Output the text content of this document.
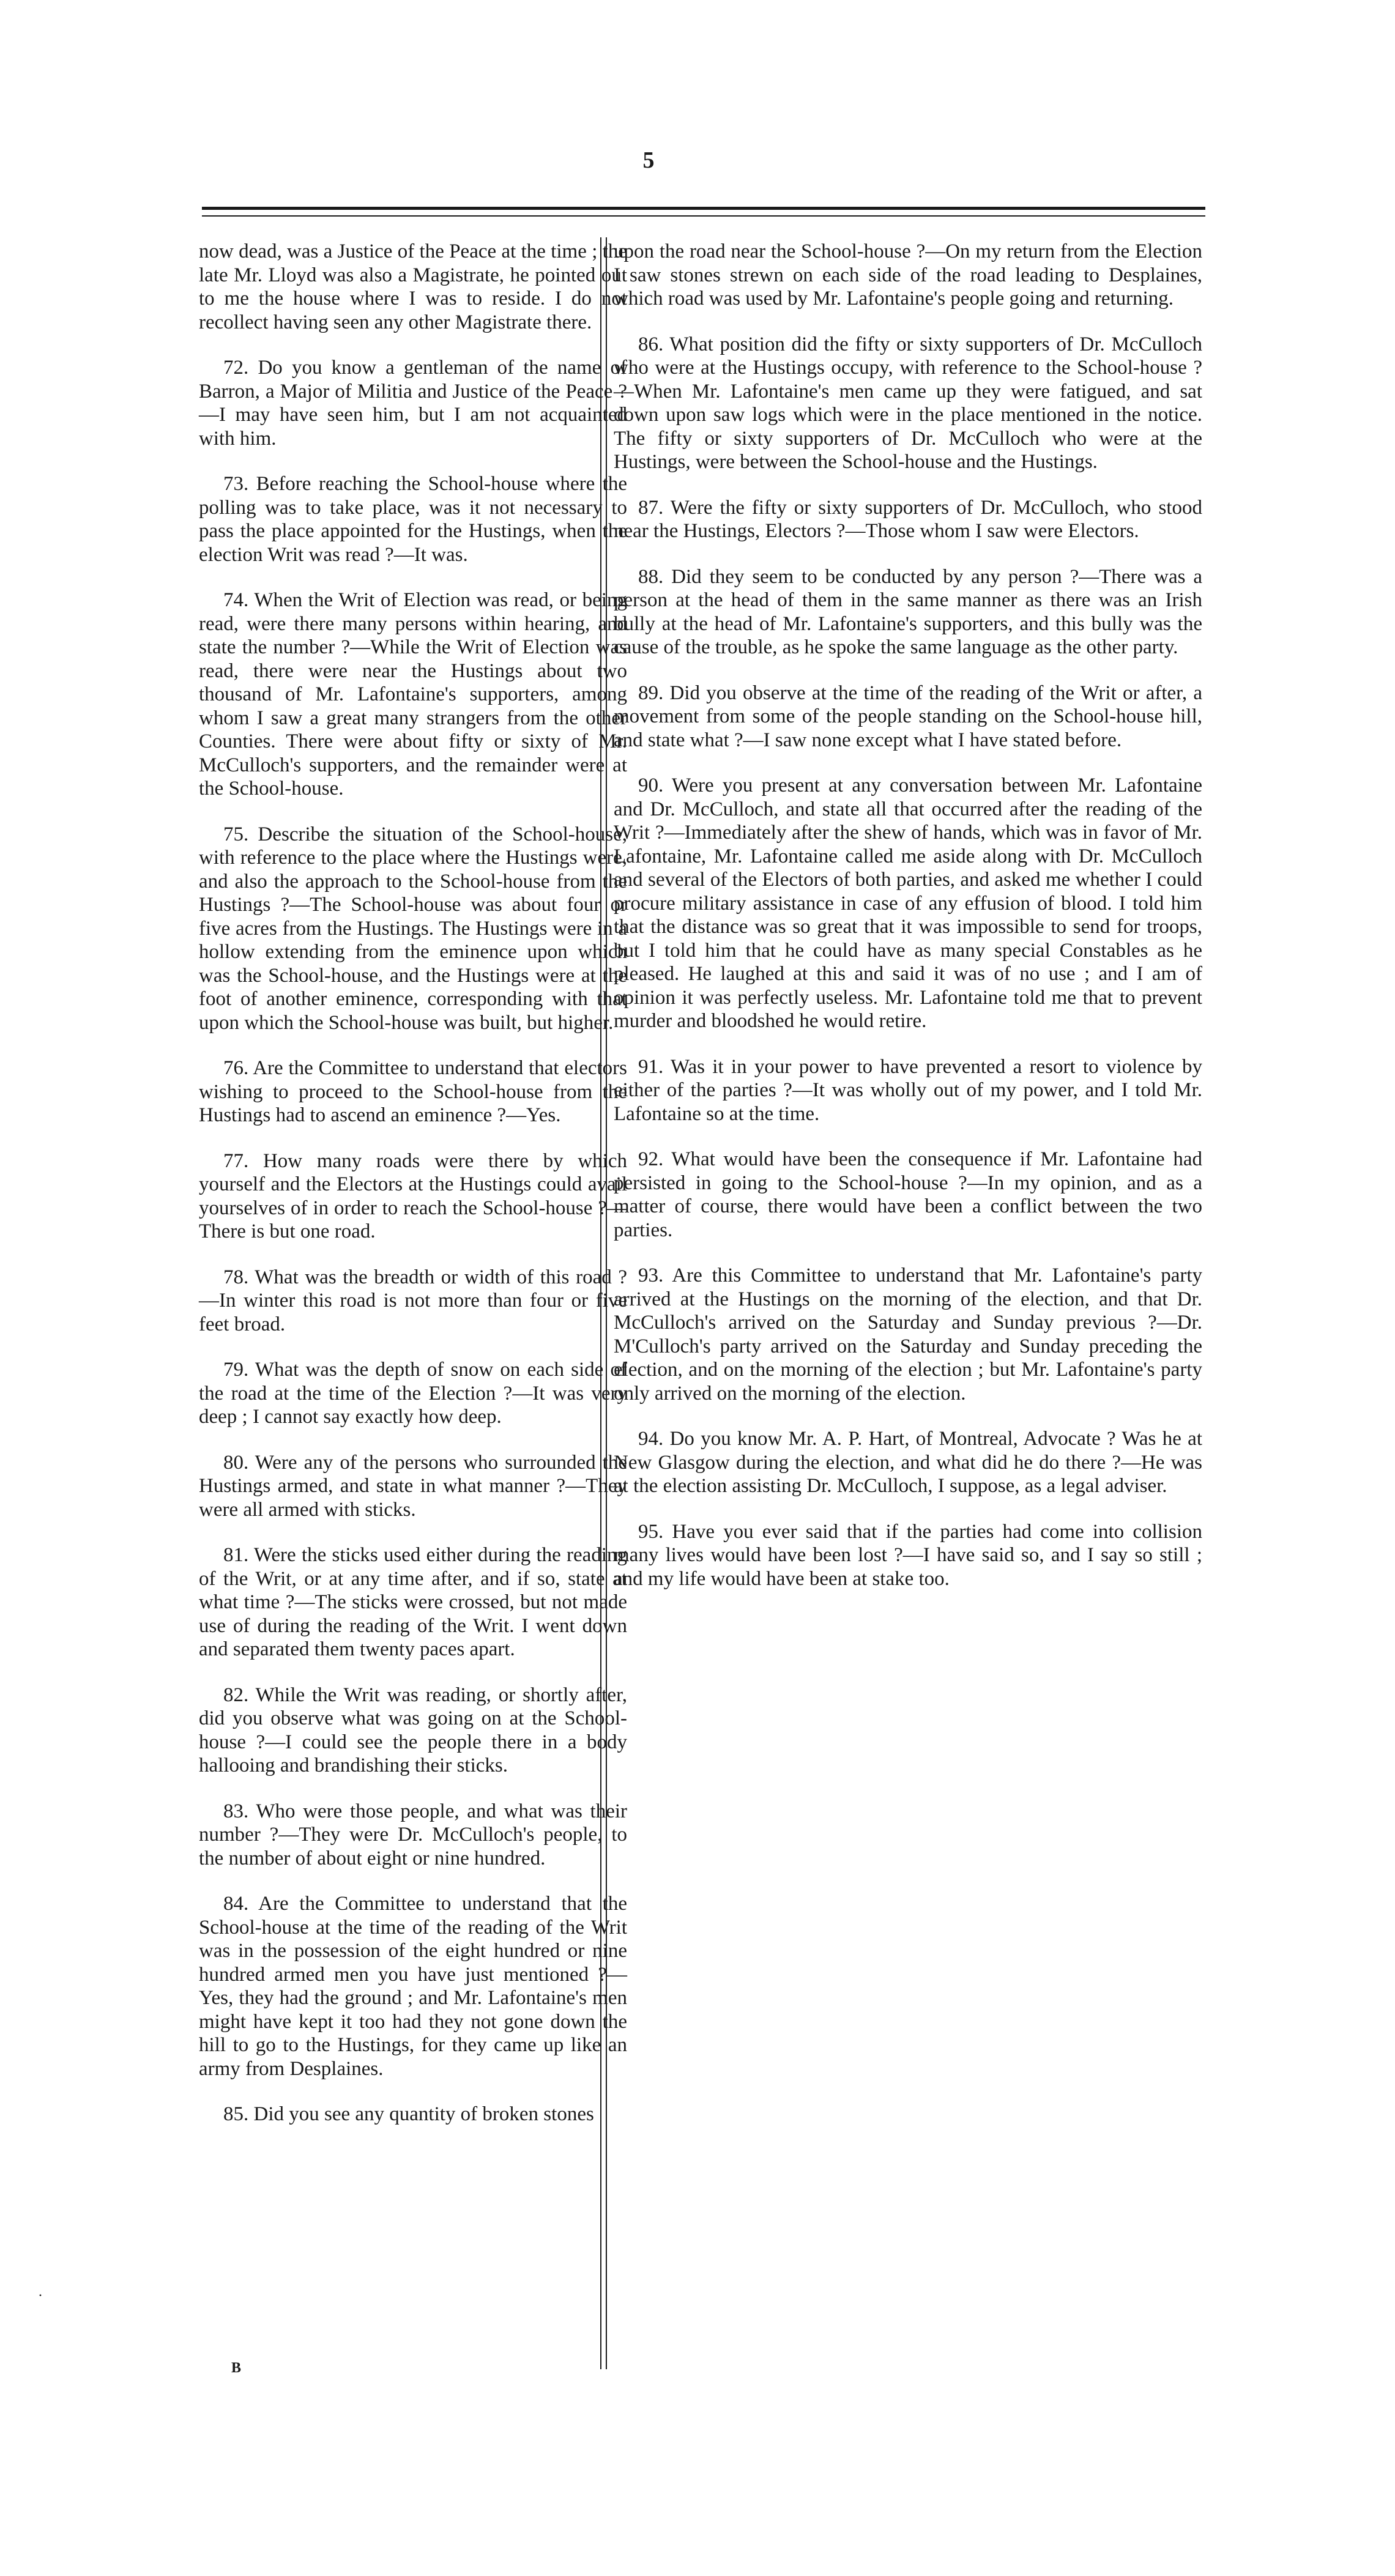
5

now dead, was a Justice of the Peace at the time ; the late Mr. Lloyd was also a Magistrate, he pointed out to me the house where I was to reside. I do not recollect having seen any other Magistrate there.

72. Do you know a gentleman of the name of Barron, a Major of Militia and Justice of the Peace ?—I may have seen him, but I am not acquainted with him.

73. Before reaching the School-house where the polling was to take place, was it not necessary to pass the place appointed for the Hustings, when the election Writ was read ?—It was.

74. When the Writ of Election was read, or being read, were there many persons within hearing, and state the number ?—While the Writ of Election was read, there were near the Hustings about two thousand of Mr. Lafontaine's supporters, among whom I saw a great many strangers from the other Counties. There were about fifty or sixty of Mr. McCulloch's supporters, and the remainder were at the School-house.

75. Describe the situation of the School-house, with reference to the place where the Hustings were, and also the approach to the School-house from the Hustings ?—The School-house was about four or five acres from the Hustings. The Hustings were in a hollow extending from the eminence upon which was the School-house, and the Hustings were at the foot of another eminence, corresponding with that upon which the School-house was built, but higher.

76. Are the Committee to understand that electors wishing to proceed to the School-house from the Hustings had to ascend an eminence ?—Yes.

77. How many roads were there by which yourself and the Electors at the Hustings could avail yourselves of in order to reach the School-house ?—There is but one road.

78. What was the breadth or width of this road ?—In winter this road is not more than four or five feet broad.

79. What was the depth of snow on each side of the road at the time of the Election ?—It was very deep ; I cannot say exactly how deep.

80. Were any of the persons who surrounded the Hustings armed, and state in what manner ?—They were all armed with sticks.

81. Were the sticks used either during the reading of the Writ, or at any time after, and if so, state at what time ?—The sticks were crossed, but not made use of during the reading of the Writ. I went down and separated them twenty paces apart.

82. While the Writ was reading, or shortly after, did you observe what was going on at the School-house ?—I could see the people there in a body hallooing and brandishing their sticks.

83. Who were those people, and what was their number ?—They were Dr. McCulloch's people, to the number of about eight or nine hundred.

84. Are the Committee to understand that the School-house at the time of the reading of the Writ was in the possession of the eight hundred or nine hundred armed men you have just mentioned ?—Yes, they had the ground ; and Mr. Lafontaine's men might have kept it too had they not gone down the hill to go to the Hustings, for they came up like an army from Desplaines.

85. Did you see any quantity of broken stones

upon the road near the School-house ?—On my return from the Election I saw stones strewn on each side of the road leading to Desplaines, which road was used by Mr. Lafontaine's people going and returning.

86. What position did the fifty or sixty supporters of Dr. McCulloch who were at the Hustings occupy, with reference to the School-house ?—When Mr. Lafontaine's men came up they were fatigued, and sat down upon saw logs which were in the place mentioned in the notice. The fifty or sixty supporters of Dr. McCulloch who were at the Hustings, were between the School-house and the Hustings.

87. Were the fifty or sixty supporters of Dr. McCulloch, who stood near the Hustings, Electors ?—Those whom I saw were Electors.

88. Did they seem to be conducted by any person ?—There was a person at the head of them in the same manner as there was an Irish bully at the head of Mr. Lafontaine's supporters, and this bully was the cause of the trouble, as he spoke the same language as the other party.

89. Did you observe at the time of the reading of the Writ or after, a movement from some of the people standing on the School-house hill, and state what ?—I saw none except what I have stated before.

90. Were you present at any conversation between Mr. Lafontaine and Dr. McCulloch, and state all that occurred after the reading of the Writ ?—Immediately after the shew of hands, which was in favor of Mr. Lafontaine, Mr. Lafontaine called me aside along with Dr. McCulloch and several of the Electors of both parties, and asked me whether I could procure military assistance in case of any effusion of blood. I told him that the distance was so great that it was impossible to send for troops, but I told him that he could have as many special Constables as he pleased. He laughed at this and said it was of no use ; and I am of opinion it was perfectly useless. Mr. Lafontaine told me that to prevent murder and bloodshed he would retire.

91. Was it in your power to have prevented a resort to violence by either of the parties ?—It was wholly out of my power, and I told Mr. Lafontaine so at the time.

92. What would have been the consequence if Mr. Lafontaine had persisted in going to the School-house ?—In my opinion, and as a matter of course, there would have been a conflict between the two parties.

93. Are this Committee to understand that Mr. Lafontaine's party arrived at the Hustings on the morning of the election, and that Dr. McCulloch's arrived on the Saturday and Sunday previous ?—Dr. M'Culloch's party arrived on the Saturday and Sunday preceding the election, and on the morning of the election ; but Mr. Lafontaine's party only arrived on the morning of the election.

94. Do you know Mr. A. P. Hart, of Montreal, Advocate ? Was he at New Glasgow during the election, and what did he do there ?—He was at the election assisting Dr. McCulloch, I suppose, as a legal adviser.

95. Have you ever said that if the parties had come into collision many lives would have been lost ?—I have said so, and I say so still ; and my life would have been at stake too.

B
·
